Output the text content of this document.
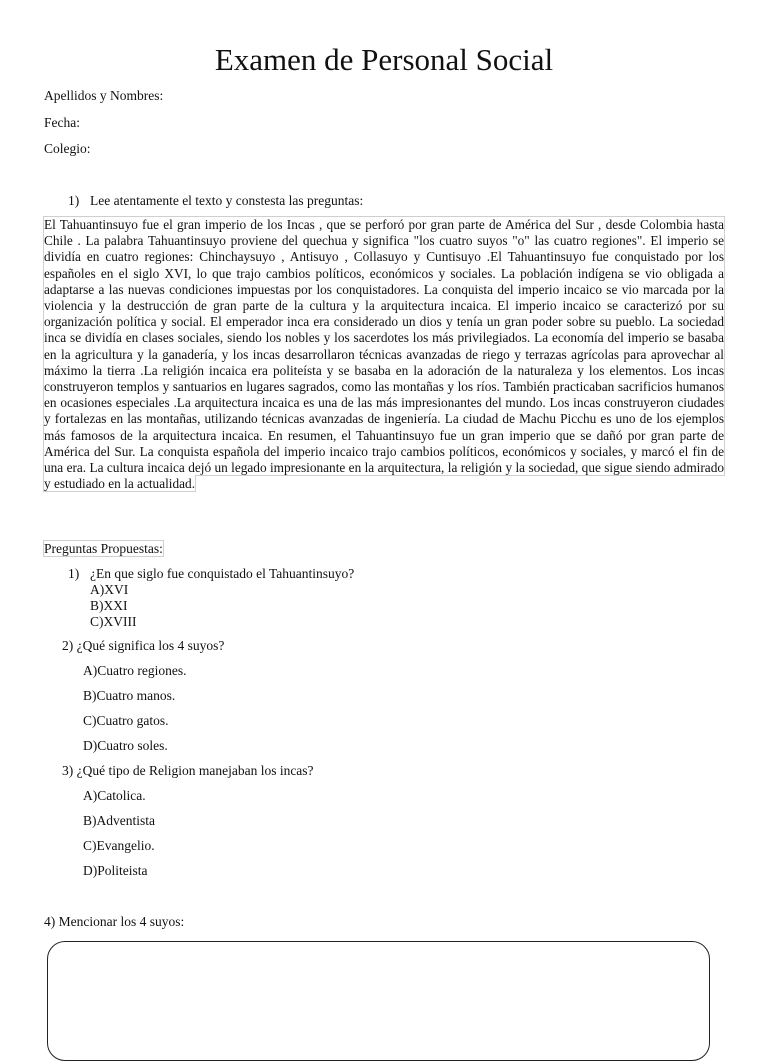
Examen de Personal Social
Apellidos y Nombres:
Fecha:
Colegio:
1) Lee atentamente el texto y constesta las preguntas:
El Tahuantinsuyo fue el gran imperio de los Incas , que se perforó por gran parte de América del Sur , desde Colombia hasta Chile . La palabra Tahuantinsuyo proviene del quechua y significa "los cuatro suyos "o" las cuatro regiones". El imperio se dividía en cuatro regiones: Chinchaysuyo , Antisuyo , Collasuyo y Cuntisuyo .El Tahuantinsuyo fue conquistado por los españoles en el siglo XVI, lo que trajo cambios políticos, económicos y sociales. La población indígena se vio obligada a adaptarse a las nuevas condiciones impuestas por los conquistadores. La conquista del imperio incaico se vio marcada por la violencia y la destrucción de gran parte de la cultura y la arquitectura incaica. El imperio incaico se caracterizó por su organización política y social. El emperador inca era considerado un dios y tenía un gran poder sobre su pueblo. La sociedad inca se dividía en clases sociales, siendo los nobles y los sacerdotes los más privilegiados. La economía del imperio se basaba en la agricultura y la ganadería, y los incas desarrollaron técnicas avanzadas de riego y terrazas agrícolas para aprovechar al máximo la tierra .La religión incaica era politeísta y se basaba en la adoración de la naturaleza y los elementos. Los incas construyeron templos y santuarios en lugares sagrados, como las montañas y los ríos. También practicaban sacrificios humanos en ocasiones especiales .La arquitectura incaica es una de las más impresionantes del mundo. Los incas construyeron ciudades y fortalezas en las montañas, utilizando técnicas avanzadas de ingeniería. La ciudad de Machu Picchu es uno de los ejemplos más famosos de la arquitectura incaica. En resumen, el Tahuantinsuyo fue un gran imperio que se dañó por gran parte de América del Sur. La conquista española del imperio incaico trajo cambios políticos, económicos y sociales, y marcó el fin de una era. La cultura incaica dejó un legado impresionante en la arquitectura, la religión y la sociedad, que sigue siendo admirado y estudiado en la actualidad.
Preguntas Propuestas:
1) ¿En que siglo fue conquistado el Tahuantinsuyo?
A)XVI
B)XXI
C)XVIII
2) ¿Qué significa los 4 suyos?
A)Cuatro regiones.
B)Cuatro manos.
C)Cuatro gatos.
D)Cuatro soles.
3) ¿Qué tipo de Religion manejaban los incas?
A)Catolica.
B)Adventista
C)Evangelio.
D)Politeista
4) Mencionar los 4 suyos:
